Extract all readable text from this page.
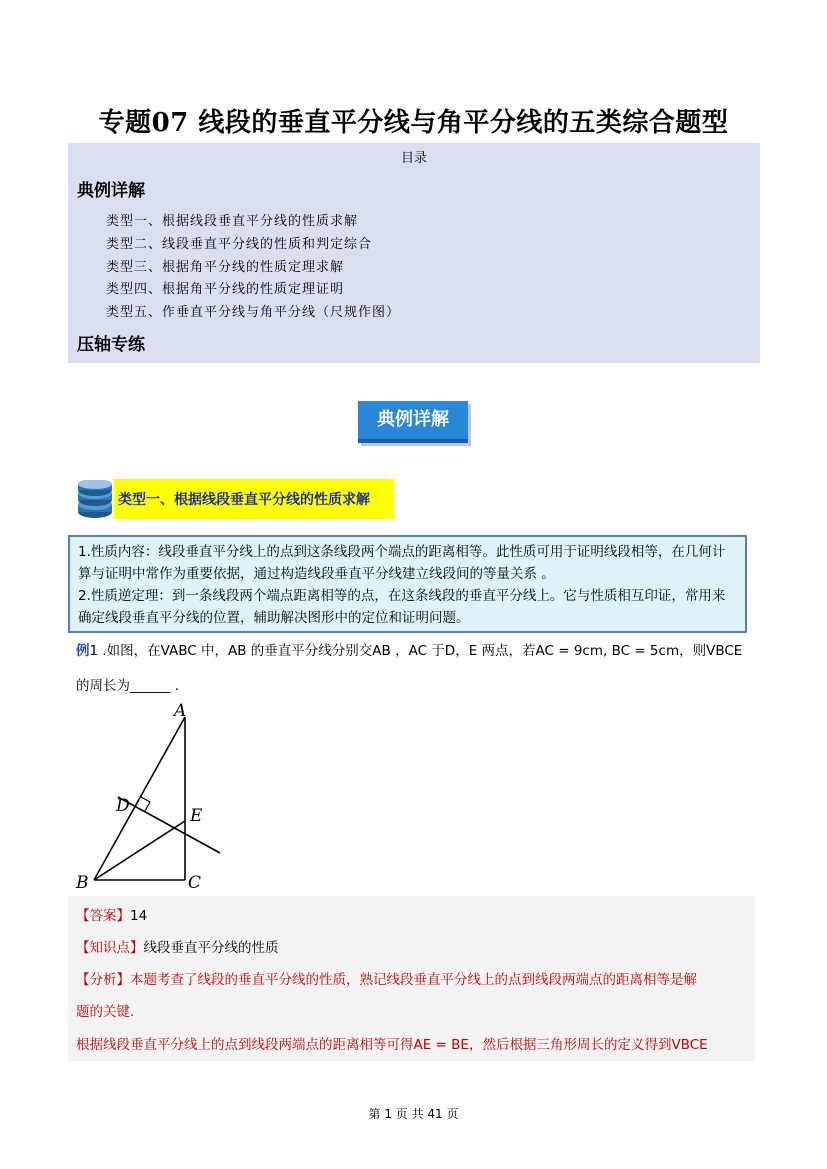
专题07 线段的垂直平分线与角平分线的五类综合题型
目录
典例详解
类型一、根据线段垂直平分线的性质求解
类型二、线段垂直平分线的性质和判定综合
类型三、根据角平分线的性质定理求解
类型四、根据角平分线的性质定理证明
类型五、作垂直平分线与角平分线（尺规作图）
压轴专练
典例详解
类型一、根据线段垂直平分线的性质求解

1.性质内容：线段垂直平分线上的点到这条线段两个端点的距离相等。此性质可用于证明线段相等，在几何计算与证明中常作为重要依据，通过构造线段垂直平分线建立线段间的等量关系 。

2.性质逆定理：到一条线段两个端点距离相等的点，在这条线段的垂直平分线上。它与性质相互印证，常用来确定线段垂直平分线的位置，辅助解决图形中的定位和证明问题。

例1 .如图，在VABC 中，AB 的垂直平分线分别交AB ，AC 于D，E 两点，若AC = 9cm, BC = 5cm，则VBCE
的周长为______ .
A
B	C
D	E
【答案】14
【知识点】线段垂直平分线的性质
【分析】本题考查了线段的垂直平分线的性质，熟记线段垂直平分线上的点到线段两端点的距离相等是解
题的关键．
根据线段垂直平分线上的点到线段两端点的距离相等可得AE = BE，然后根据三角形周长的定义得到VBCE
第 1 页 共 41 页
